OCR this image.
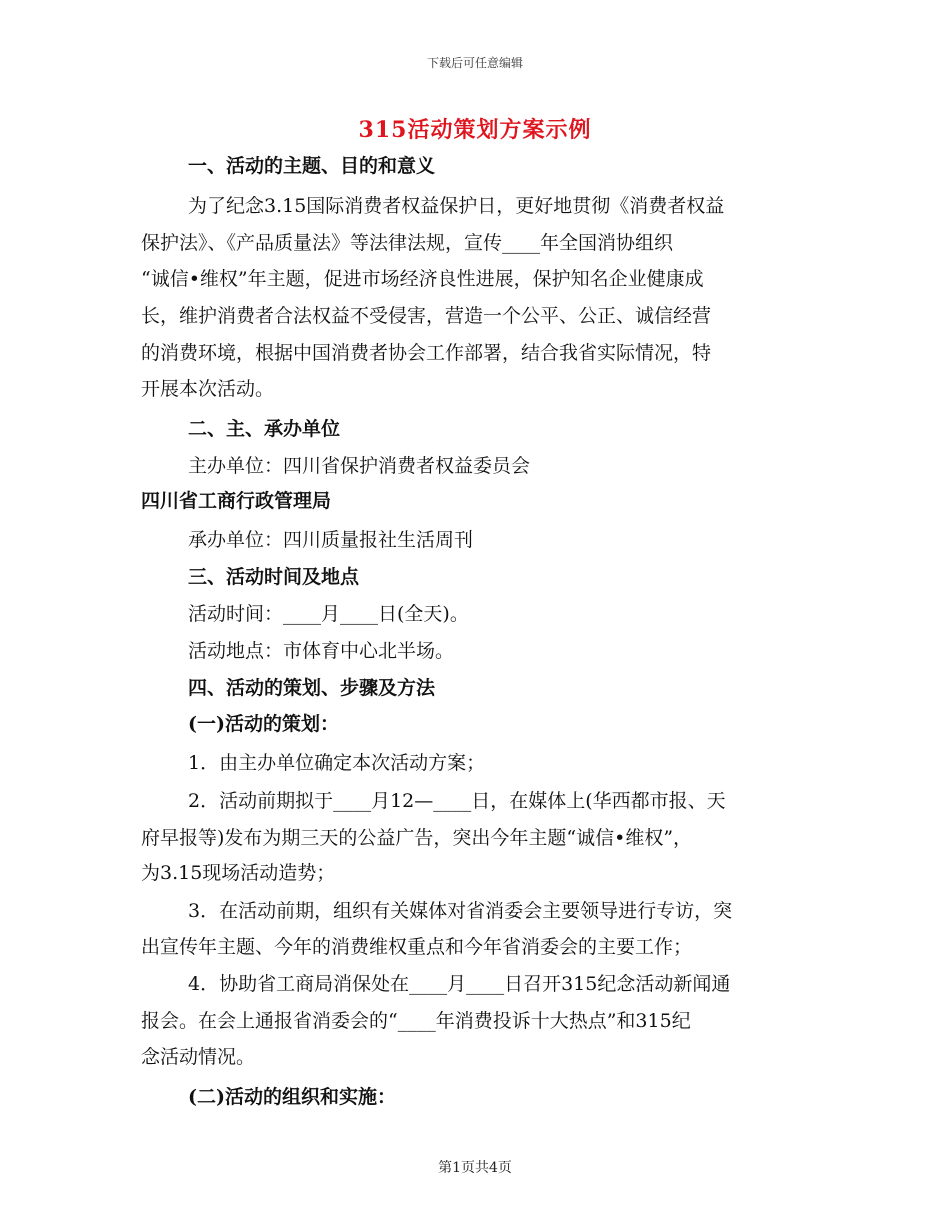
下载后可任意编辑
315活动策划方案示例
一、活动的主题、目的和意义
为了纪念3.15国际消费者权益保护日，更好地贯彻《消费者权益
保护法》、《产品质量法》等法律法规，宣传____年全国消协组织
“诚信•维权”年主题，促进市场经济良性进展，保护知名企业健康成
长，维护消费者合法权益不受侵害，营造一个公平、公正、诚信经营
的消费环境，根据中国消费者协会工作部署，结合我省实际情况，特
开展本次活动。
二、主、承办单位
主办单位：四川省保护消费者权益委员会
四川省工商行政管理局
承办单位：四川质量报社生活周刊
三、活动时间及地点
活动时间：____月____日(全天)。
活动地点：市体育中心北半场。
四、活动的策划、步骤及方法
(一)活动的策划：
1．由主办单位确定本次活动方案；
2．活动前期拟于____月12—____日，在媒体上(华西都市报、天
府早报等)发布为期三天的公益广告，突出今年主题“诚信•维权”，
为3.15现场活动造势；
3．在活动前期，组织有关媒体对省消委会主要领导进行专访，突
出宣传年主题、今年的消费维权重点和今年省消委会的主要工作；
4．协助省工商局消保处在____月____日召开315纪念活动新闻通
报会。在会上通报省消委会的“____年消费投诉十大热点”和315纪
念活动情况。
(二)活动的组织和实施：
第1页共4页
